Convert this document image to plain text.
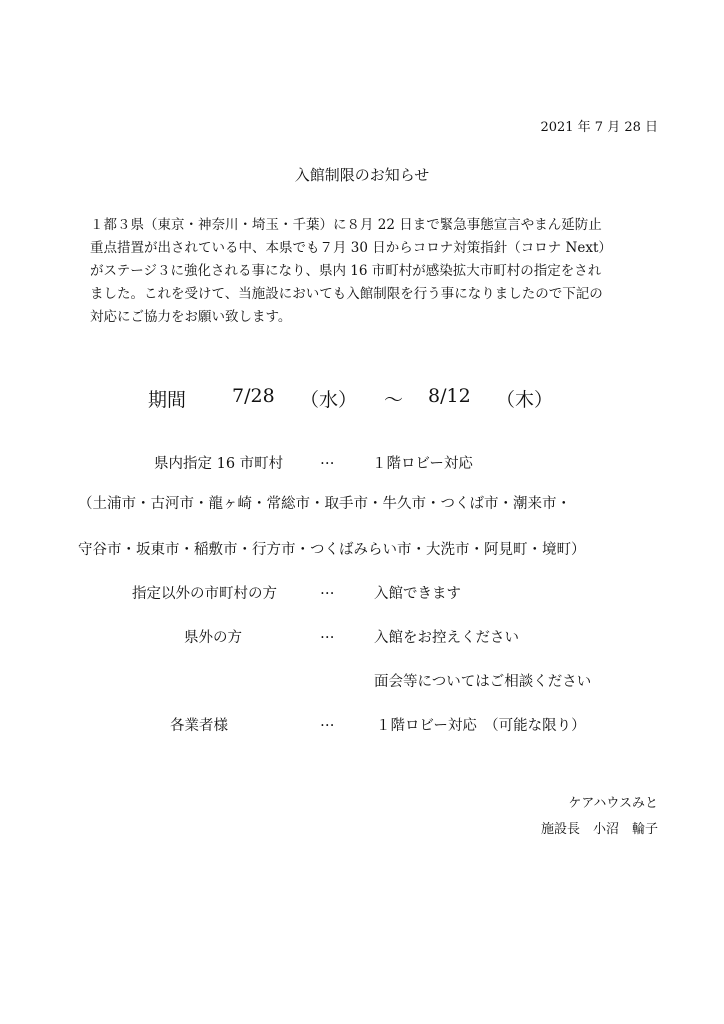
2021 年 7 月 28 日
入館制限のお知らせ
１都３県（東京・神奈川・埼玉・千葉）に８月 22 日まで緊急事態宣言やまん延防止
重点措置が出されている中、本県でも７月 30 日からコロナ対策指針（コロナ Next）
がステージ３に強化される事になり、県内 16 市町村が感染拡大市町村の指定をされ
ました。これを受けて、当施設においても入館制限を行う事になりましたので下記の
対応にご協力をお願い致します。
期間 7/28 （水） ～ 8/12 （木）
県内指定 16 市町村	…	１階ロビー対応
（土浦市・古河市・龍ヶ崎・常総市・取手市・牛久市・つくば市・潮来市・
守谷市・坂東市・稲敷市・行方市・つくばみらい市・大洗市・阿見町・境町）
指定以外の市町村の方	…	入館できます
県外の方	…	入館をお控えください
面会等についてはご相談ください
各業者様	…	１階ロビー対応　（可能な限り）
ケアハウスみと
施設長　小沼　輪子
